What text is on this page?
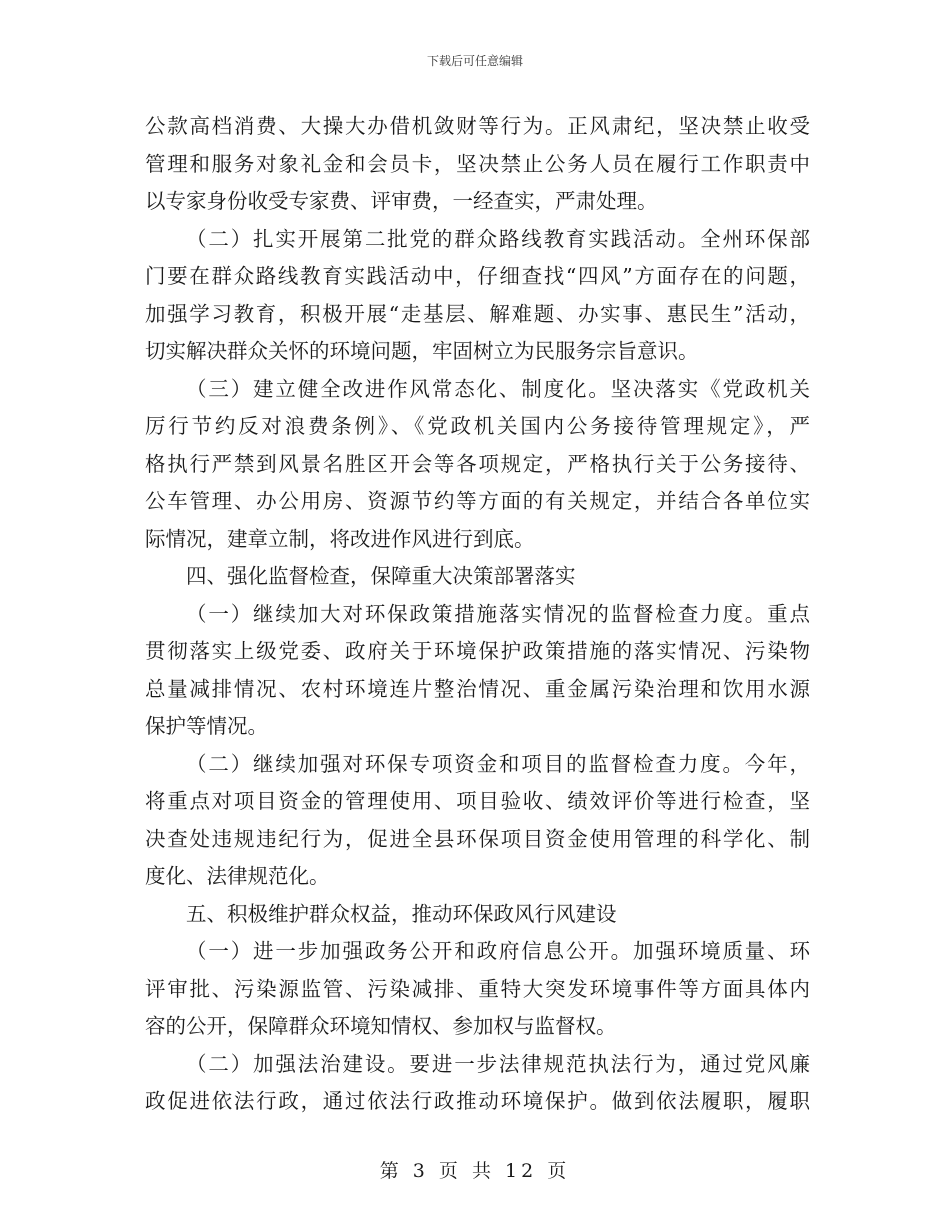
下载后可任意编辑
公款高档消费、大操大办借机敛财等行为。正风肃纪，坚决禁止收受
管理和服务对象礼金和会员卡，坚决禁止公务人员在履行工作职责中
以专家身份收受专家费、评审费，一经查实，严肃处理。
（二）扎实开展第二批党的群众路线教育实践活动。全州环保部
门要在群众路线教育实践活动中，仔细查找“四风”方面存在的问题，
加强学习教育，积极开展“走基层、解难题、办实事、惠民生”活动，
切实解决群众关怀的环境问题，牢固树立为民服务宗旨意识。
（三）建立健全改进作风常态化、制度化。坚决落实《党政机关
厉行节约反对浪费条例》、《党政机关国内公务接待管理规定》，严
格执行严禁到风景名胜区开会等各项规定，严格执行关于公务接待、
公车管理、办公用房、资源节约等方面的有关规定，并结合各单位实
际情况，建章立制，将改进作风进行到底。
四、强化监督检查，保障重大决策部署落实
（一）继续加大对环保政策措施落实情况的监督检查力度。重点
贯彻落实上级党委、政府关于环境保护政策措施的落实情况、污染物
总量减排情况、农村环境连片整治情况、重金属污染治理和饮用水源
保护等情况。
（二）继续加强对环保专项资金和项目的监督检查力度。今年，
将重点对项目资金的管理使用、项目验收、绩效评价等进行检查，坚
决查处违规违纪行为，促进全县环保项目资金使用管理的科学化、制
度化、法律规范化。
五、积极维护群众权益，推动环保政风行风建设
（一）进一步加强政务公开和政府信息公开。加强环境质量、环
评审批、污染源监管、污染减排、重特大突发环境事件等方面具体内
容的公开，保障群众环境知情权、参加权与监督权。
（二）加强法治建设。要进一步法律规范执法行为，通过党风廉
政促进依法行政，通过依法行政推动环境保护。做到依法履职，履职
第 3 页 共 12 页
